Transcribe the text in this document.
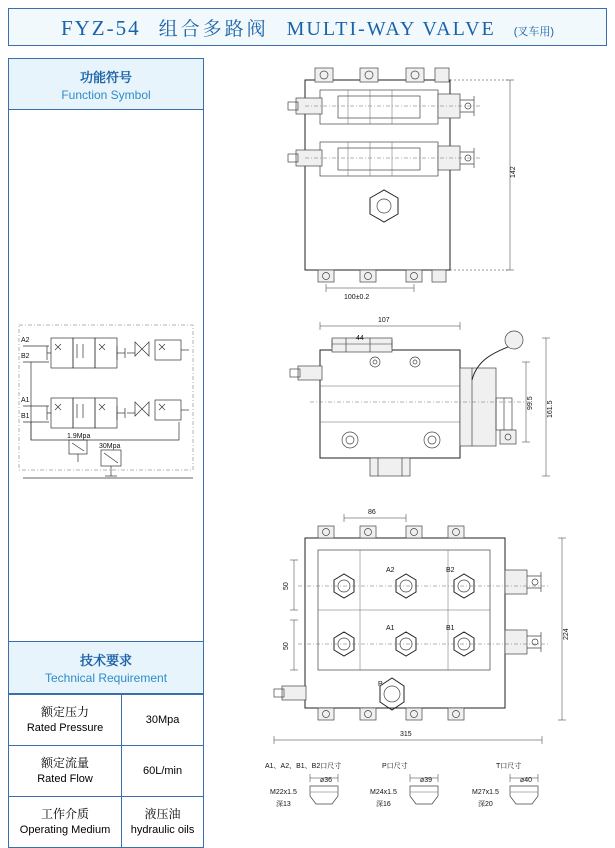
FYZ-54 组合多路阀 MULTI-WAY VALVE (叉车用)
功能符号
Function Symbol
A2
B2
A1
B1
1.9Mpa
30Mpa
技术要求
Technical Requirement
额定压力
Rated Pressure	30Mpa

额定流量
Rated Flow	60L/min

工作介质
Operating Medium	液压油
hydraulic oils
142
100±0.2
107
44
99.5 161.5
A2	B2
A1	B1
P
86
50
50
224
315
A1、A2、B1、B2口尺寸
⌀36
M22x1.5
深13
P口尺寸
⌀39
M24x1.5
深16
T口尺寸
⌀40
M27x1.5
深20
